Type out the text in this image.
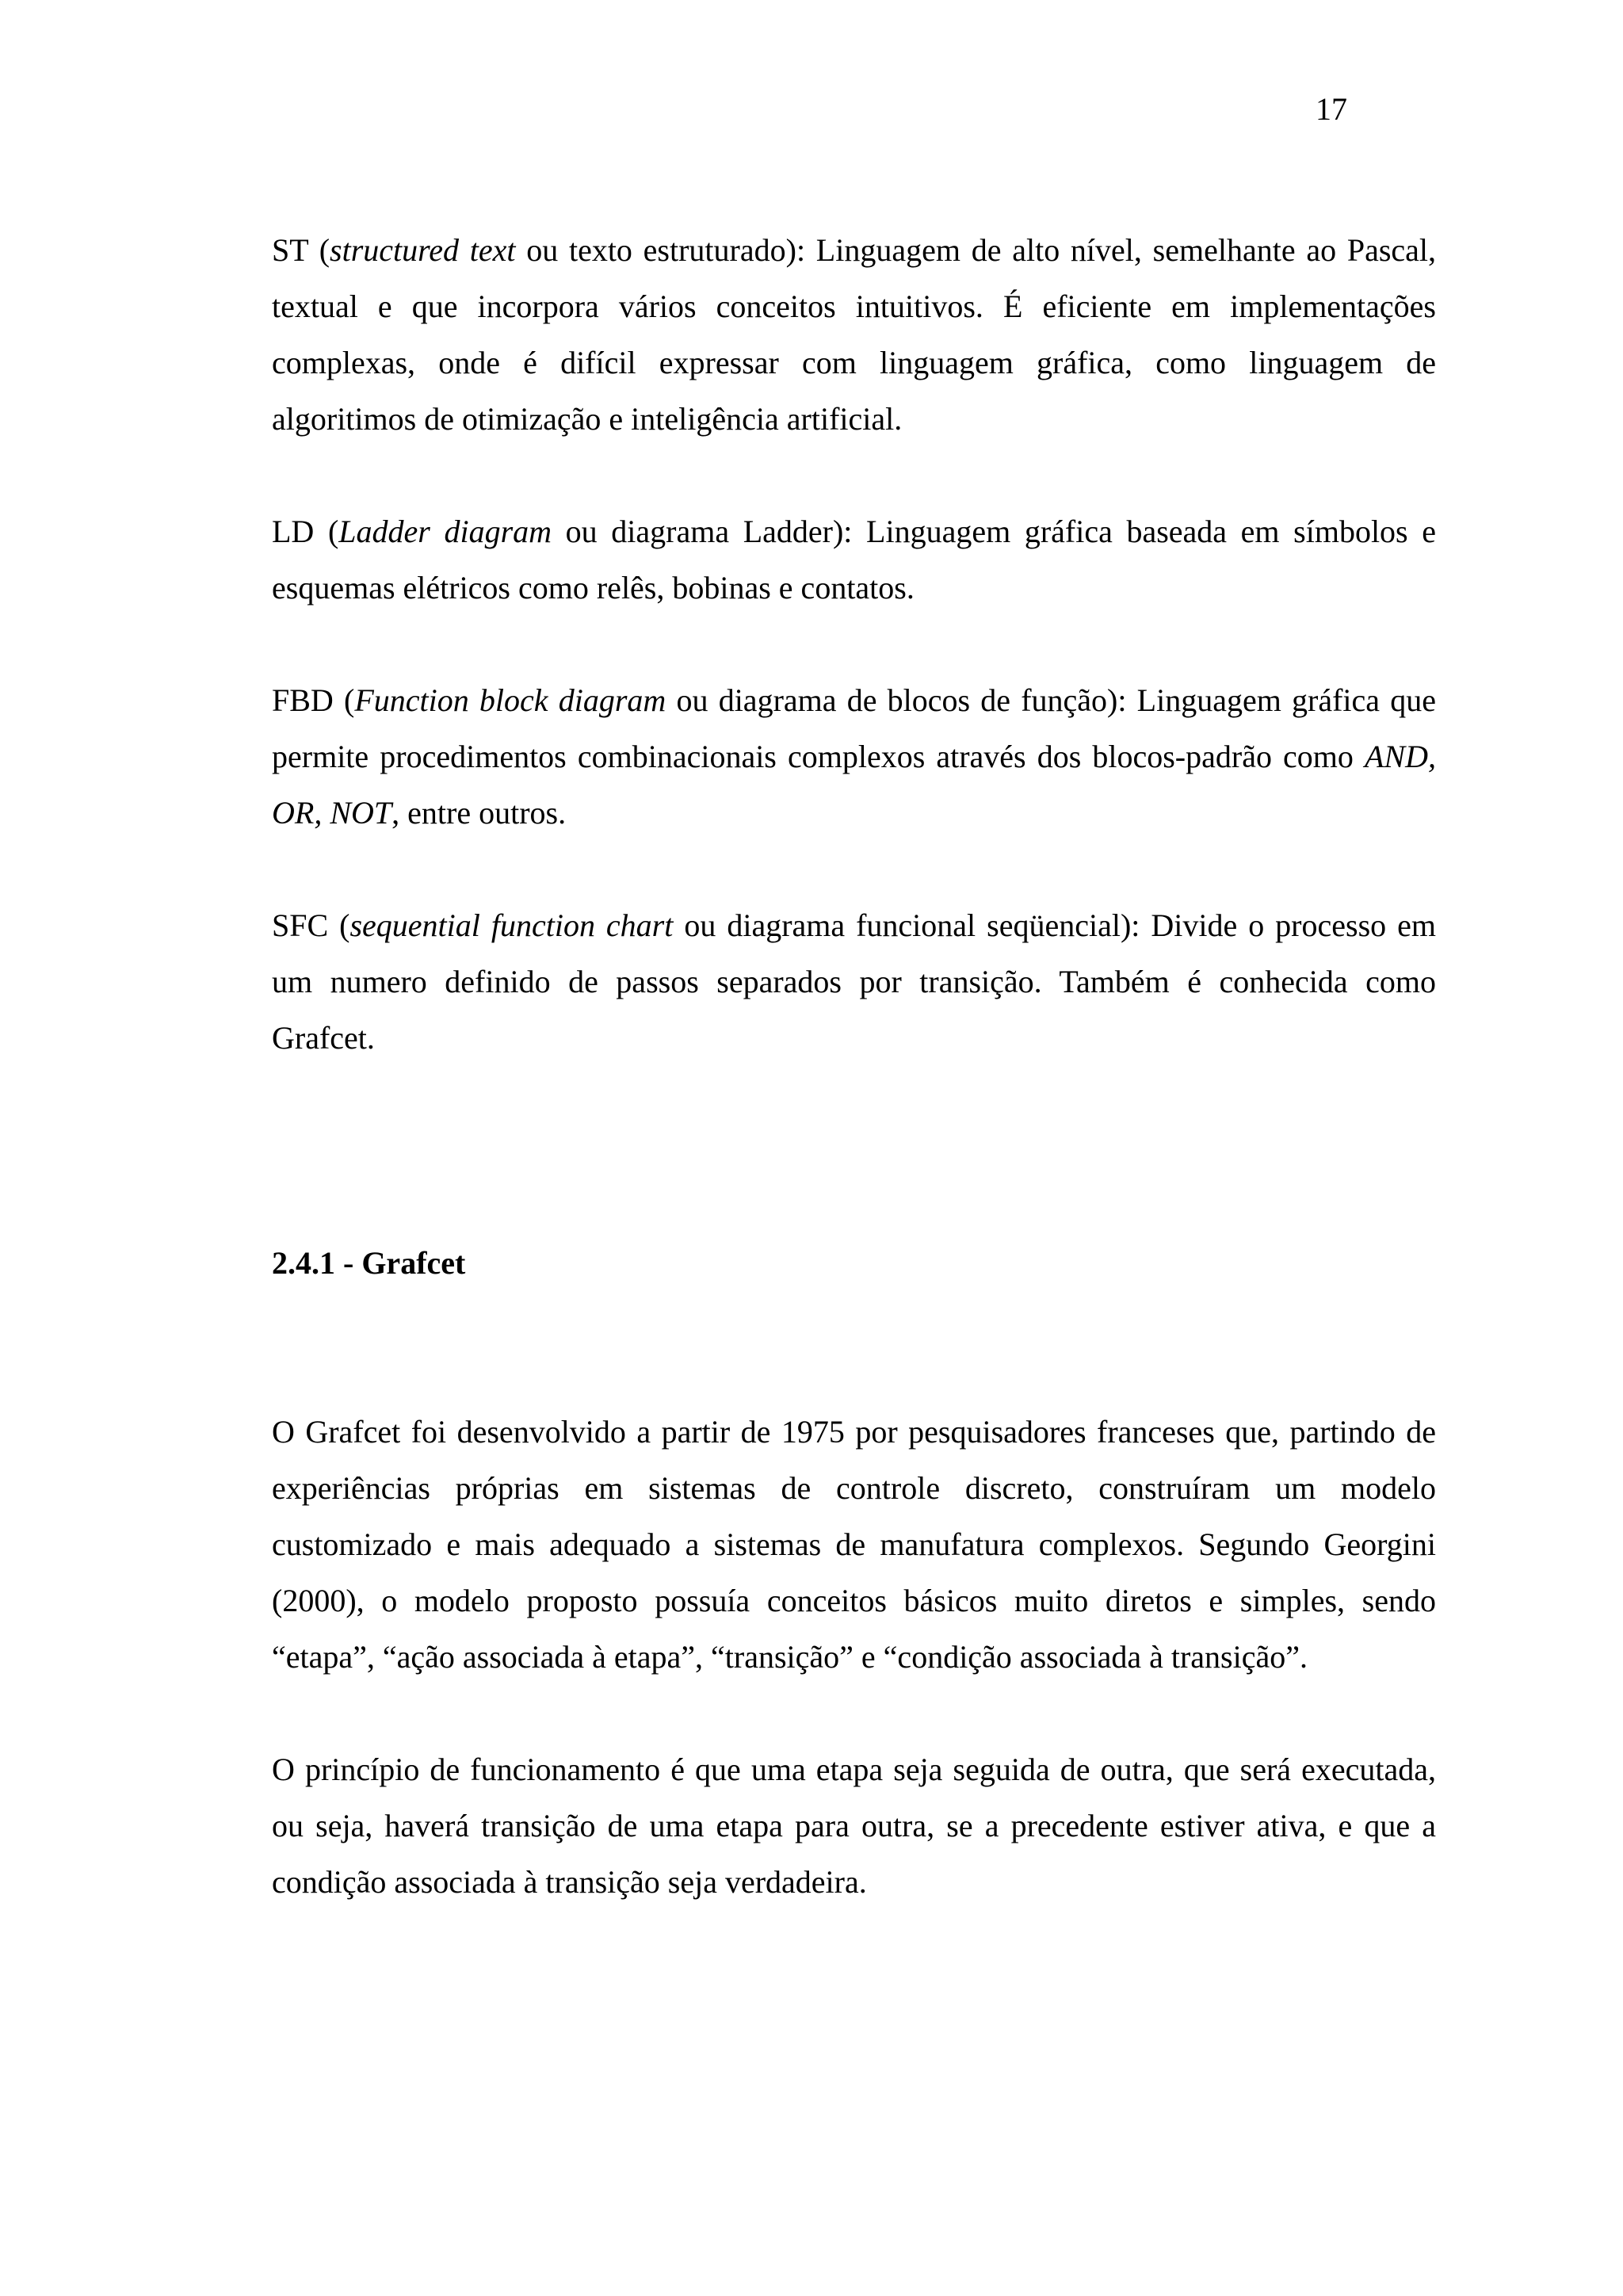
17

ST (structured text ou texto estruturado): Linguagem de alto nível, semelhante ao Pascal, textual e que incorpora vários conceitos intuitivos. É eficiente em implementações complexas, onde é difícil expressar com linguagem gráfica, como linguagem de algoritimos de otimização e inteligência artificial.

LD (Ladder diagram ou diagrama Ladder): Linguagem gráfica baseada em símbolos e esquemas elétricos como relês, bobinas e contatos.

FBD (Function block diagram ou diagrama de blocos de função): Linguagem gráfica que permite procedimentos combinacionais complexos através dos blocos-padrão como AND, OR, NOT, entre outros.

SFC (sequential function chart ou diagrama funcional seqüencial): Divide o processo em um numero definido de passos separados por transição. Também é conhecida como Grafcet.

2.4.1 - Grafcet

O Grafcet foi desenvolvido a partir de 1975 por pesquisadores franceses que, partindo de experiências próprias em sistemas de controle discreto, construíram um modelo customizado e mais adequado a sistemas de manufatura complexos. Segundo Georgini (2000), o modelo proposto possuía conceitos básicos muito diretos e simples, sendo “etapa”, “ação associada à etapa”, “transição” e “condição associada à transição”.

O princípio de funcionamento é que uma etapa seja seguida de outra, que será executada, ou seja, haverá transição de uma etapa para outra, se a precedente estiver ativa, e que a condição associada à transição seja verdadeira.
